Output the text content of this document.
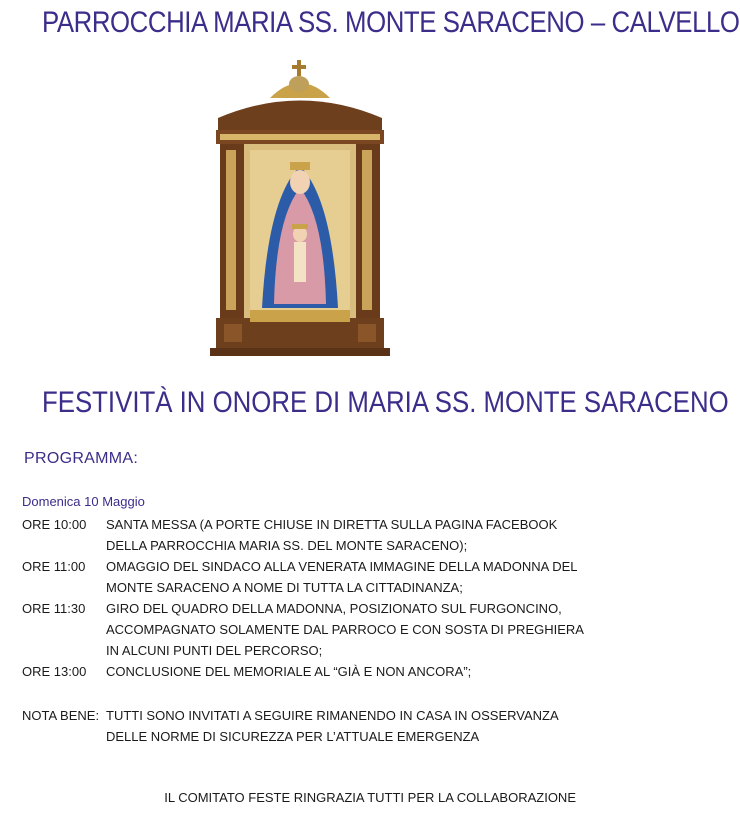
PARROCCHIA MARIA SS. MONTE SARACENO – CALVELLO
FESTIVITÀ IN ONORE DI MARIA SS. MONTE SARACENO
PROGRAMMA:
Domenica 10 Maggio
ORE 10:00	SANTA MESSA (A PORTE CHIUSE IN DIRETTA SULLA PAGINA FACEBOOK DELLA PARROCCHIA MARIA SS. DEL MONTE SARACENO);
ORE 11:00	OMAGGIO DEL SINDACO ALLA VENERATA IMMAGINE DELLA MADONNA DEL MONTE SARACENO A NOME DI TUTTA LA CITTADINANZA;
ORE 11:30	GIRO DEL QUADRO DELLA MADONNA, POSIZIONATO SUL FURGONCINO, ACCOMPAGNATO SOLAMENTE DAL PARROCO E CON SOSTA DI PREGHIERA IN ALCUNI PUNTI DEL PERCORSO;
ORE 13:00	CONCLUSIONE DEL MEMORIALE AL “GIÀ E NON ANCORA”;
NOTA BENE: TUTTI SONO INVITATI A SEGUIRE RIMANENDO IN CASA IN OSSERVANZA DELLE NORME DI SICUREZZA PER L’ATTUALE EMERGENZA
IL COMITATO FESTE RINGRAZIA TUTTI PER LA COLLABORAZIONE
